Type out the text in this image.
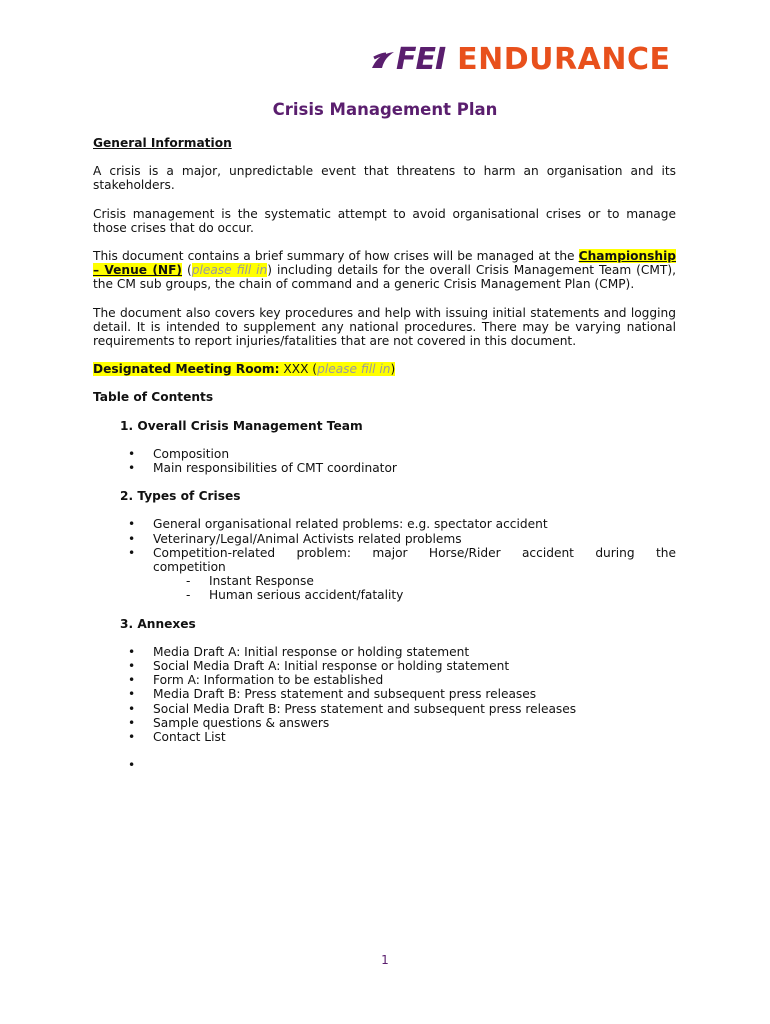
FEI ENDURANCE
Crisis Management Plan

General Information

A crisis is a major, unpredictable event that threatens to harm an organisation and its stakeholders.

Crisis management is the systematic attempt to avoid organisational crises or to manage those crises that do occur.

This document contains a brief summary of how crises will be managed at the Championship – Venue (NF) (please fill in) including details for the overall Crisis Management Team (CMT), the CM sub groups, the chain of command and a generic Crisis Management Plan (CMP).

The document also covers key procedures and help with issuing initial statements and logging detail. It is intended to supplement any national procedures. There may be varying national requirements to report injuries/fatalities that are not covered in this document.

Designated Meeting Room: XXX (please fill in)

Table of Contents

1. Overall Crisis Management Team

• Composition

• Main responsibilities of CMT coordinator

2. Types of Crises

• General organisational related problems: e.g. spectator accident

• Veterinary/Legal/Animal Activists related problems

• Competition-related problem: major Horse/Rider accident during the

competition

- Instant Response

- Human serious accident/fatality

3. Annexes

• Media Draft A: Initial response or holding statement

• Social Media Draft A: Initial response or holding statement

• Form A: Information to be established

• Media Draft B: Press statement and subsequent press releases

• Social Media Draft B: Press statement and subsequent press releases

• Sample questions & answers

• Contact List

•

1
